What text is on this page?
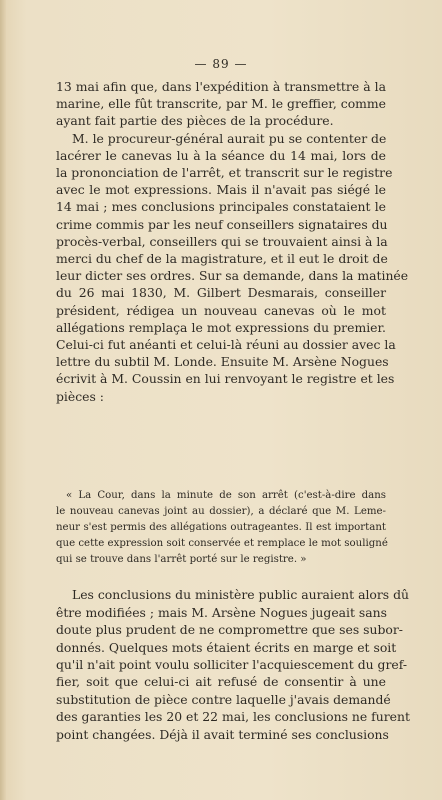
— 89 —

13 mai afin que, dans l'expédition à transmettre à la
marine, elle fût transcrite, par M. le greffier, comme
ayant fait partie des pièces de la procédure.

M. le procureur-général aurait pu se contenter de
lacérer le canevas lu à la séance du 14 mai, lors de
la prononciation de l'arrêt, et transcrit sur le registre
avec le mot expressions. Mais il n'avait pas siégé le
14 mai ; mes conclusions principales constataient le
crime commis par les neuf conseillers signataires du
procès-verbal, conseillers qui se trouvaient ainsi à la
merci du chef de la magistrature, et il eut le droit de
leur dicter ses ordres. Sur sa demande, dans la matinée
du 26 mai 1830, M. Gilbert Desmarais, conseiller
président, rédigea un nouveau canevas où le mot
allégations remplaça le mot expressions du premier.
Celui-ci fut anéanti et celui-là réuni au dossier avec la
lettre du subtil M. Londe. Ensuite M. Arsène Nogues
écrivit à M. Coussin en lui renvoyant le registre et les
pièces :

« La Cour, dans la minute de son arrêt (c'est-à-dire dans
le nouveau canevas joint au dossier), a déclaré que M. Leme-
neur s'est permis des allégations outrageantes. Il est important
que cette expression soit conservée et remplace le mot souligné
qui se trouve dans l'arrêt porté sur le registre. »

Les conclusions du ministère public auraient alors dû
être modifiées ; mais M. Arsène Nogues jugeait sans
doute plus prudent de ne compromettre que ses subor-
donnés. Quelques mots étaient écrits en marge et soit
qu'il n'ait point voulu solliciter l'acquiescement du gref-
fier, soit que celui-ci ait refusé de consentir à une
substitution de pièce contre laquelle j'avais demandé
des garanties les 20 et 22 mai, les conclusions ne furent
point changées. Déjà il avait terminé ses conclusions
